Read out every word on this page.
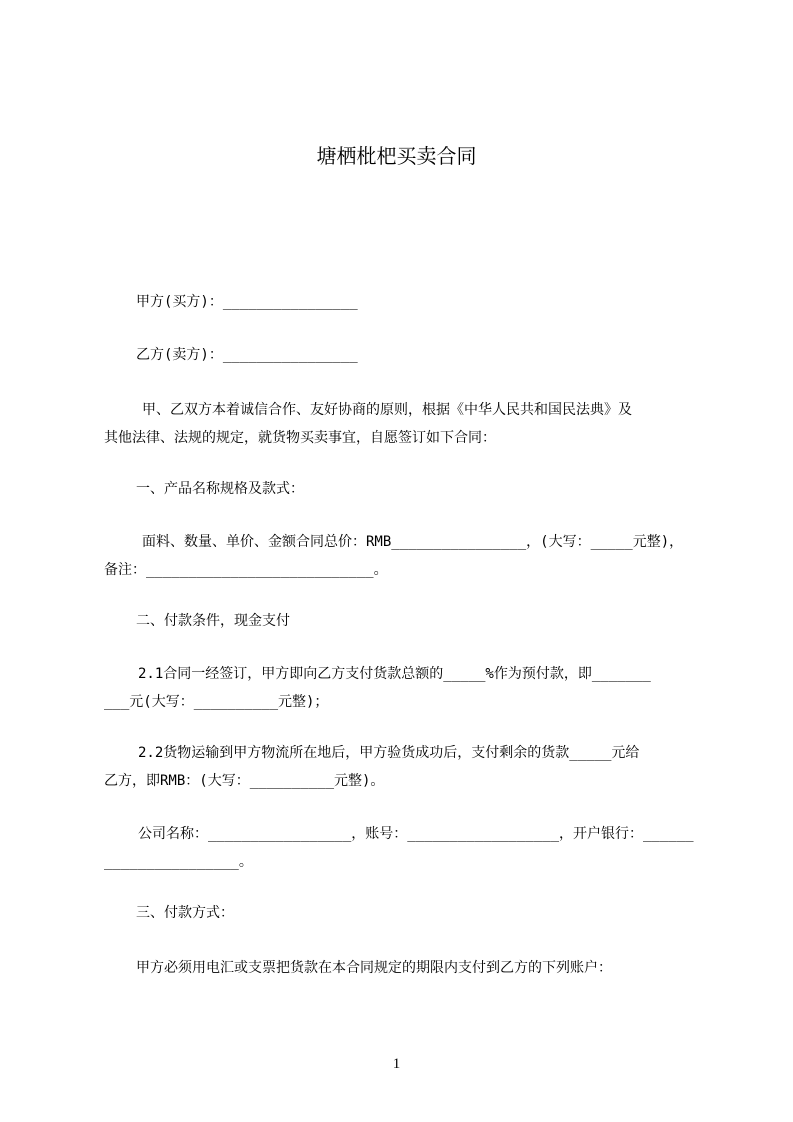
塘栖枇杷买卖合同
甲方(买方)：________________
乙方(卖方)：________________
甲、乙双方本着诚信合作、友好协商的原则，根据《中华人民共和国民法典》及
其他法律、法规的规定，就货物买卖事宜，自愿签订如下合同：
一、产品名称规格及款式：
面料、数量、单价、金额合同总价：RMB________________，(大写：_____元整)，
备注：___________________________。
二、付款条件，现金支付
2.1合同一经签订，甲方即向乙方支付货款总额的_____%作为预付款，即_______
___元(大写：__________元整)；
2.2货物运输到甲方物流所在地后，甲方验货成功后，支付剩余的货款_____元给
乙方，即RMB：(大写：__________元整)。
公司名称：_________________，账号：__________________，开户银行：______
________________。
三、付款方式：
甲方必须用电汇或支票把货款在本合同规定的期限内支付到乙方的下列账户：
1
